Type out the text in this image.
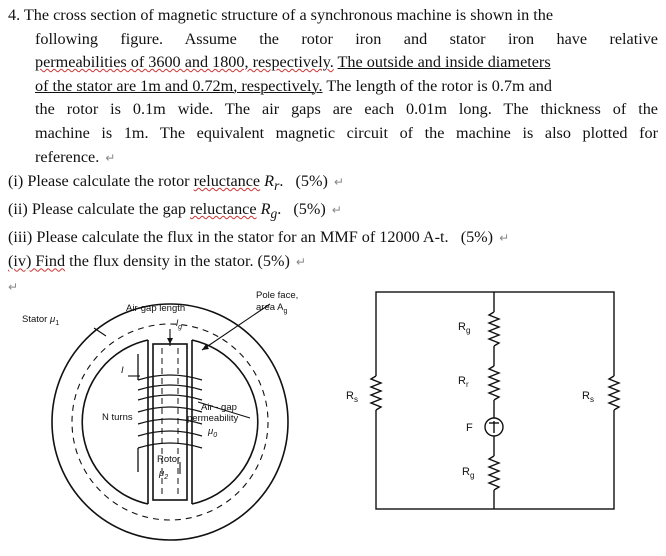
4. The cross section of magnetic structure of a synchronous machine is shown in the
following figure. Assume the rotor iron and stator iron have relative
permeabilities of 3600 and 1800, respectively. The outside and inside diameters
of the stator are 1m and 0.72m, respectively. The length of the rotor is 0.7m and
the rotor is 0.1m wide. The air gaps are each 0.01m long. The thickness of the
machine is 1m. The equivalent magnetic circuit of the machine is also plotted for
reference. ↵
(i) Please calculate the rotor reluctance $R_r$. (5%) ↵
(ii) Please calculate the gap reluctance $R_g$. (5%) ↵
(iii) Please calculate the flux in the stator for an MMF of 12000 A-t. (5%) ↵
(iv) Find the flux density in the stator. (5%) ↵
↵
Stator $\mu_1$
Air-gap length
$l_g$
Pole face,
area $A_g$
I
N turns
Air - gap
permeability
$\mu_0$
Rotor
$\mu_2$
$R_s$	$R_s$
$R_g$
$R_r$
F
$R_g$
